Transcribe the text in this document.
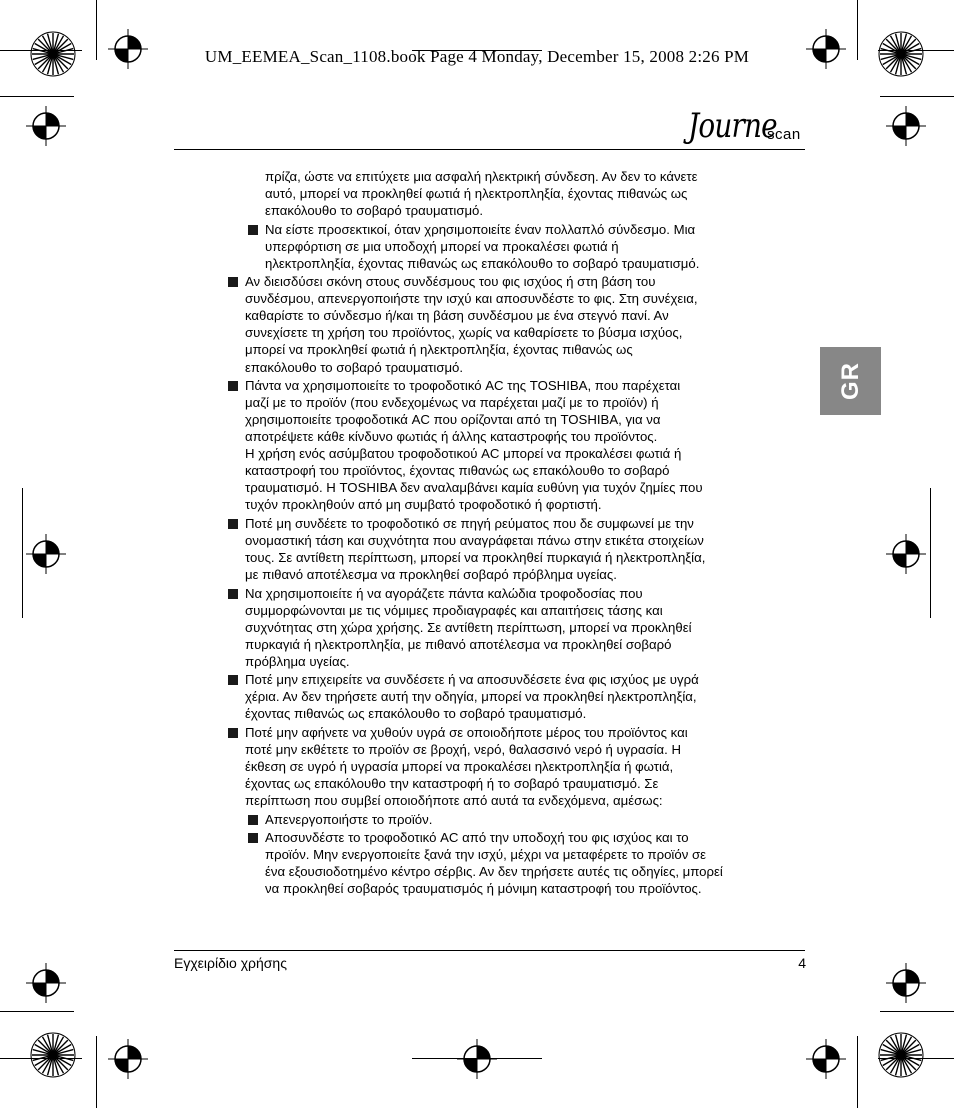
UM_EEMEA_Scan_1108.book Page 4 Monday, December 15, 2008 2:26 PM
Journe
scan
GR
πρίζα, ώστε να επιτύχετε μια ασφαλή ηλεκτρική σύνδεση. Αν δεν το κάνετε
αυτό, μπορεί να προκληθεί φωτιά ή ηλεκτροπληξία, έχοντας πιθανώς ως
επακόλουθο το σοβαρό τραυματισμό.
Να είστε προσεκτικοί, όταν χρησιμοποιείτε έναν πολλαπλό σύνδεσμο. Μια
υπερφόρτιση σε μια υποδοχή μπορεί να προκαλέσει φωτιά ή
ηλεκτροπληξία, έχοντας πιθανώς ως επακόλουθο το σοβαρό τραυματισμό.
Αν διεισδύσει σκόνη στους συνδέσμους του φις ισχύος ή στη βάση του
συνδέσμου, απενεργοποιήστε την ισχύ και αποσυνδέστε το φις. Στη συνέχεια,
καθαρίστε το σύνδεσμο ή/και τη βάση συνδέσμου με ένα στεγνό πανί. Αν
συνεχίσετε τη χρήση του προϊόντος, χωρίς να καθαρίσετε το βύσμα ισχύος,
μπορεί να προκληθεί φωτιά ή ηλεκτροπληξία, έχοντας πιθανώς ως
επακόλουθο το σοβαρό τραυματισμό.
Πάντα να χρησιμοποιείτε το τροφοδοτικό AC της TOSHIBA, που παρέχεται
μαζί με το προϊόν (που ενδεχομένως να παρέχεται μαζί με το προϊόν) ή
χρησιμοποιείτε τροφοδοτικά AC που ορίζονται από τη TOSHIBA, για να
αποτρέψετε κάθε κίνδυνο φωτιάς ή άλλης καταστροφής του προϊόντος.
Η χρήση ενός ασύμβατου τροφοδοτικού AC μπορεί να προκαλέσει φωτιά ή
καταστροφή του προϊόντος, έχοντας πιθανώς ως επακόλουθο το σοβαρό
τραυματισμό. Η TOSHIBA δεν αναλαμβάνει καμία ευθύνη για τυχόν ζημίες που
τυχόν προκληθούν από μη συμβατό τροφοδοτικό ή φορτιστή.
Ποτέ μη συνδέετε το τροφοδοτικό σε πηγή ρεύματος που δε συμφωνεί με την
ονομαστική τάση και συχνότητα που αναγράφεται πάνω στην ετικέτα στοιχείων
τους. Σε αντίθετη περίπτωση, μπορεί να προκληθεί πυρκαγιά ή ηλεκτροπληξία,
με πιθανό αποτέλεσμα να προκληθεί σοβαρό πρόβλημα υγείας.
Να χρησιμοποιείτε ή να αγοράζετε πάντα καλώδια τροφοδοσίας που
συμμορφώνονται με τις νόμιμες προδιαγραφές και απαιτήσεις τάσης και
συχνότητας στη χώρα χρήσης. Σε αντίθετη περίπτωση, μπορεί να προκληθεί
πυρκαγιά ή ηλεκτροπληξία, με πιθανό αποτέλεσμα να προκληθεί σοβαρό
πρόβλημα υγείας.
Ποτέ μην επιχειρείτε να συνδέσετε ή να αποσυνδέσετε ένα φις ισχύος με υγρά
χέρια. Αν δεν τηρήσετε αυτή την οδηγία, μπορεί να προκληθεί ηλεκτροπληξία,
έχοντας πιθανώς ως επακόλουθο το σοβαρό τραυματισμό.
Ποτέ μην αφήνετε να χυθούν υγρά σε οποιοδήποτε μέρος του προϊόντος και
ποτέ μην εκθέτετε το προϊόν σε βροχή, νερό, θαλασσινό νερό ή υγρασία. Η
έκθεση σε υγρό ή υγρασία μπορεί να προκαλέσει ηλεκτροπληξία ή φωτιά,
έχοντας ως επακόλουθο την καταστροφή ή το σοβαρό τραυματισμό. Σε
περίπτωση που συμβεί οποιοδήποτε από αυτά τα ενδεχόμενα, αμέσως:
Απενεργοποιήστε το προϊόν.
Αποσυνδέστε το τροφοδοτικό AC από την υποδοχή του φις ισχύος και το
προϊόν. Μην ενεργοποιείτε ξανά την ισχύ, μέχρι να μεταφέρετε το προϊόν σε
ένα εξουσιοδοτημένο κέντρο σέρβις. Αν δεν τηρήσετε αυτές τις οδηγίες, μπορεί
να προκληθεί σοβαρός τραυματισμός ή μόνιμη καταστροφή του προϊόντος.
Εγχειρίδιο χρήσης	4
